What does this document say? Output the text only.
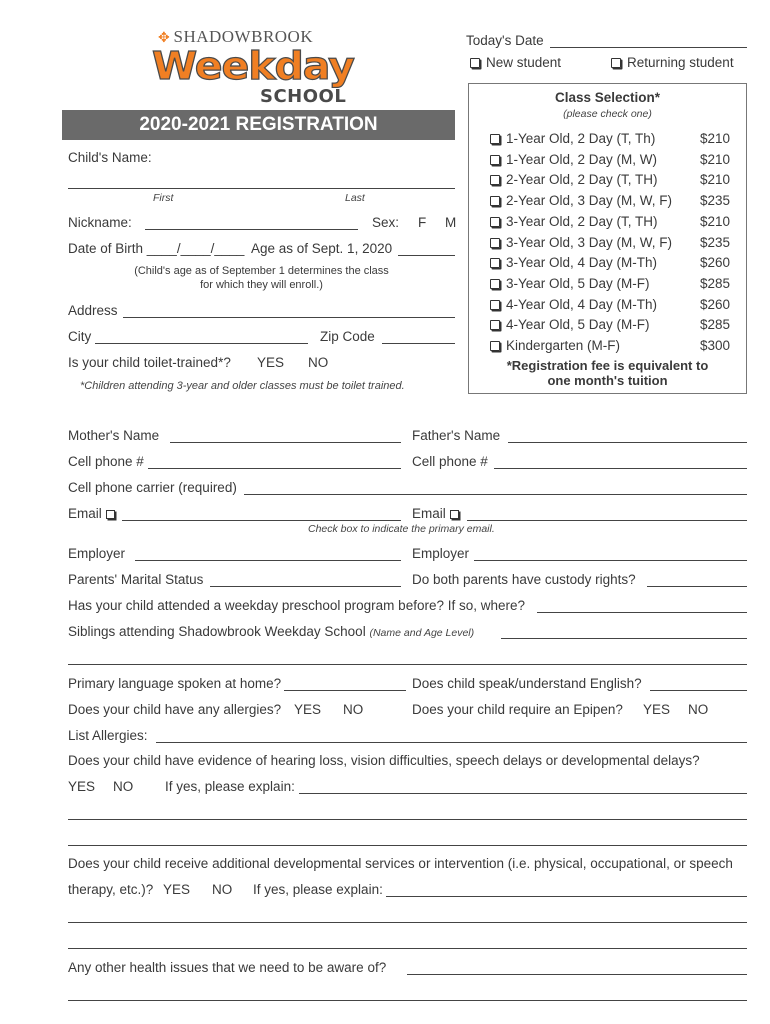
✥ SHADOWBROOK
Weekday
SCHOOL
2020-2021 REGISTRATION
Today's Date
New student	Returning student
Class Selection*
(please check one)
1-Year Old, 2 Day (T, Th)	$210
1-Year Old, 2 Day (M, W)	$210
2-Year Old, 2 Day (T, TH)	$210
2-Year Old, 3 Day (M, W, F) $235
3-Year Old, 2 Day (T, TH)	$210
3-Year Old, 3 Day (M, W, F) $235
3-Year Old, 4 Day (M-Th)	$260
3-Year Old, 5 Day (M-F)	$285
4-Year Old, 4 Day (M-Th)	$260
4-Year Old, 5 Day (M-F)	$285
Kindergarten (M-F)	$300
*Registration fee is equivalent to
one month's tuition
Child's Name:
First	Last
Nickname:	Sex: F M
Date of Birth ____/____/____ Age as of Sept. 1, 2020
(Child's age as of September 1 determines the class
for which they will enroll.)
Address
City	Zip Code
Is your child toilet-trained*? YES NO
*Children attending 3-year and older classes must be toilet trained.
Mother's Name	Father's Name
Cell phone #	Cell phone #
Cell phone carrier (required)
Email	Email
Check box to indicate the primary email.
Employer	Employer
Parents' Marital Status	Do both parents have custody rights?
Has your child attended a weekday preschool program before? If so, where?
Siblings attending Shadowbrook Weekday School (Name and Age Level)
Primary language spoken at home?	Does child speak/understand English?
Does your child have any allergies? YES NO	Does your child require an Epipen? YES NO
List Allergies:
Does your child have evidence of hearing loss, vision difficulties, speech delays or developmental delays?
YES NO If yes, please explain:
Does your child receive additional developmental services or intervention (i.e. physical, occupational, or speech
therapy, etc.)? YES NO If yes, please explain:
Any other health issues that we need to be aware of?
